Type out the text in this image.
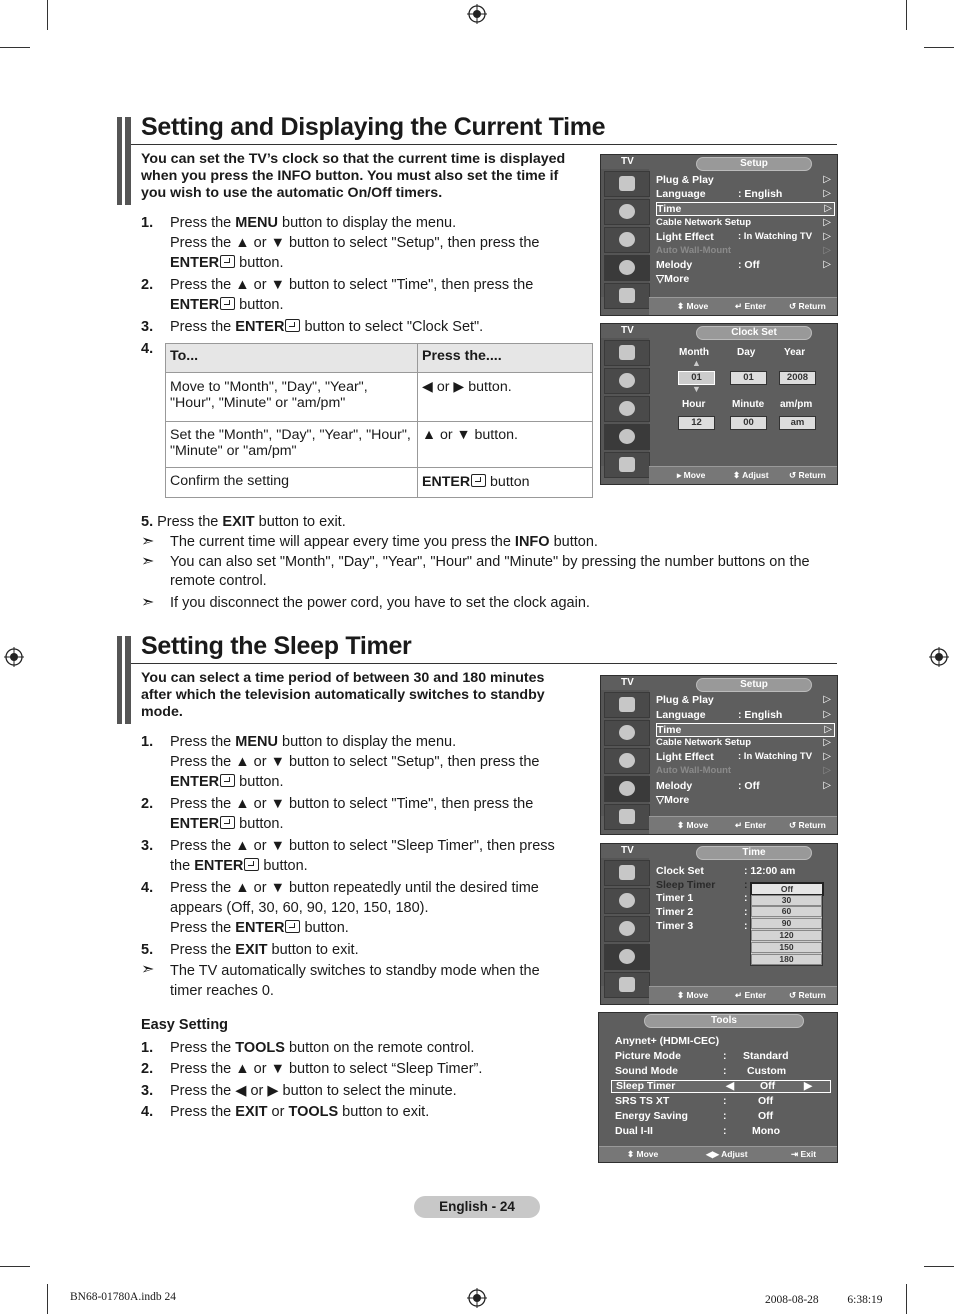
Setting and Displaying the Current Time
You can set the TV’s clock so that the current time is displayed when you press the INFO button. You must also set the time if you wish to use the automatic On/Off timers.
1. Press the MENU button to display the menu.
Press the ▲ or ▼ button to select "Setup", then press the
ENTER button.
2. Press the ▲ or ▼ button to select "Time", then press the
ENTER button.
3. Press the ENTER button to select "Clock Set".
4. To...	Press the....
Move to "Month", "Day", "Year", "Hour", "Minute" or "am/pm"	◀ or ▶ button.
Set the "Month", "Day", "Year", "Hour", "Minute" or "am/pm"	▲ or ▼ button.
Confirm the setting	ENTER button
5. Press the EXIT button to exit.
➣ The current time will appear every time you press the INFO button.
➣ You can also set "Month", "Day", "Year", "Hour" and "Minute" by pressing the number buttons on the remote control.
➣ If you disconnect the power cord, you have to set the clock again.
TV	Setup
Plug & Play	▷
Language	: English	▷
Time	▷
Cable Network Setup	▷
Light Effect	: In Watching TV ▷
Auto Wall-Mount	▷
Melody	: Off	▷
▽More
⬍ Move	↵ Enter	↺ Return
TV	Clock Set
Month	Day	Year
▲
01
▼
01	2008
Hour	Minute am/pm
12	00	am
▸ Move	⬍ Adjust ↺ Return
Setting the Sleep Timer
You can select a time period of between 30 and 180 minutes after which the television automatically switches to standby mode.
1. Press the MENU button to display the menu.
Press the ▲ or ▼ button to select "Setup", then press the
ENTER button.
2. Press the ▲ or ▼ button to select "Time", then press the
ENTER button.
3. Press the ▲ or ▼ button to select "Sleep Timer", then press
the ENTER button.
4. Press the ▲ or ▼ button repeatedly until the desired time
appears (Off, 30, 60, 90, 120, 150, 180).
Press the ENTER button.
5. Press the EXIT button to exit.
➣ The TV automatically switches to standby mode when the timer reaches 0.
Easy Setting
1. Press the TOOLS button on the remote control.
2. Press the ▲ or ▼ button to select “Sleep Timer”.
3. Press the ◀ or ▶ button to select the minute.
4. Press the EXIT or TOOLS button to exit.
TV	Setup
Plug & Play	▷
Language	: English	▷
Time	▷
Cable Network Setup	▷
Light Effect	: In Watching TV ▷
Auto Wall-Mount	▷
Melody	: Off	▷
▽More
⬍ Move	↵ Enter	↺ Return
TV	Time
Clock Set	: 12:00 am
Sleep Timer	:
Timer 1	:
Timer 2	:
Timer 3	:
Off
30
60
90
120
150
180
⬍ Move	↵ Enter	↺ Return
Tools
Anynet+ (HDMI-CEC)
Picture Mode	: Standard
Sound Mode	: Custom
Sleep Timer	◀ Off	▶
SRS TS XT	:	Off
Energy Saving	:	Off
Dual I-II	: Mono
⬍ Move	◀▶ Adjust	⇥ Exit
English - 24
BN68-01780A.indb 24	2008-08-28 　　 6:38:19
